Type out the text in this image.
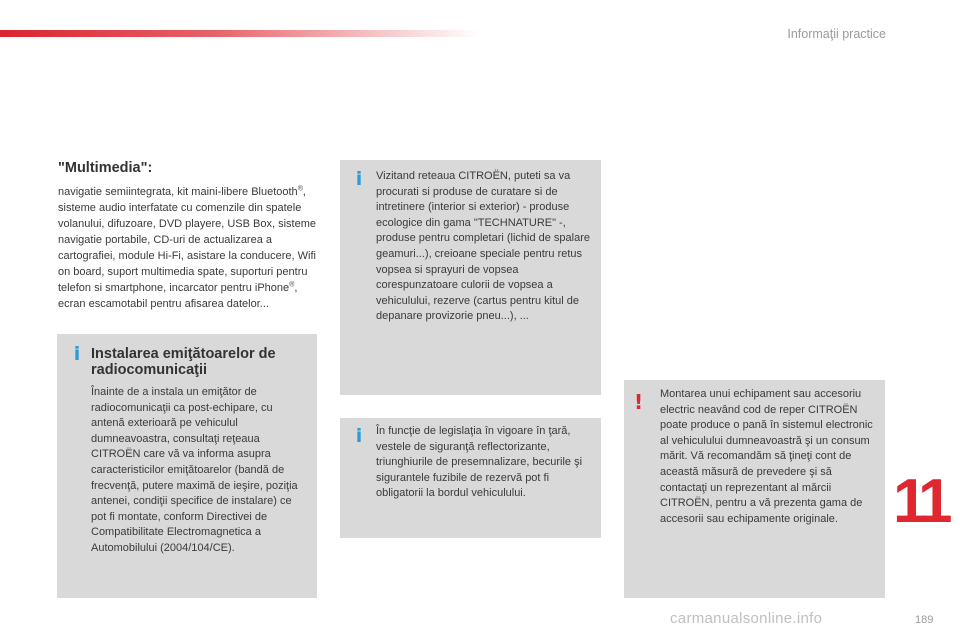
Informaţii practice
"Multimedia":
navigatie semiintegrata, kit maini-libere Bluetooth®, sisteme audio interfatate cu comenzile din spatele volanului, difuzoare, DVD playere, USB Box, sisteme navigatie portabile, CD-uri de actualizarea a cartografiei, module Hi-Fi, asistare la conducere, Wifi on board, suport multimedia spate, suporturi pentru telefon si smartphone, incarcator pentru iPhone®, ecran escamotabil pentru afisarea datelor...
i Instalarea emiţătoarelor de radiocomunicaţii
Înainte de a instala un emiţător de radiocomunicaţii ca post-echipare, cu antenă exterioară pe vehiculul dumneavoastra, consultaţi reţeaua CITROËN care vă va informa asupra caracteristicilor emiţătoarelor (bandă de frecvenţă, putere maximă de ieşire, poziţia antenei, condiţii specifice de instalare) ce pot fi montate, conform Directivei de Compatibilitate Electromagnetica a Automobilului (2004/104/CE).
i	Vizitand reteaua CITROËN, puteti sa va procurati si produse de curatare si de intretinere (interior si exterior) - produse ecologice din gama "TECHNATURE" -, produse pentru completari (lichid de spalare geamuri...), creioane speciale pentru retus vopsea si sprayuri de vopsea corespunzatoare culorii de vopsea a vehiculului, rezerve (cartus pentru kitul de depanare provizorie pneu...), ...
i	În funcţie de legislaţia în vigoare în ţară, vestele de siguranţă reflectorizante, triunghiurile de presemnalizare, becurile şi sigurantele fuzibile de rezervă pot fi obligatorii la bordul vehiculului.
! Montarea unui echipament sau accesoriu electric neavând cod de reper CITROËN poate produce o pană în sistemul electronic al vehiculului dumneavoastră şi un consum mărit. Vă recomandăm să ţineţi cont de această măsură de prevedere şi să contactaţi un reprezentant al mărcii CITROËN, pentru a vă prezenta gama de accesorii sau echipamente originale. 11
carmanualsonline.info	189
